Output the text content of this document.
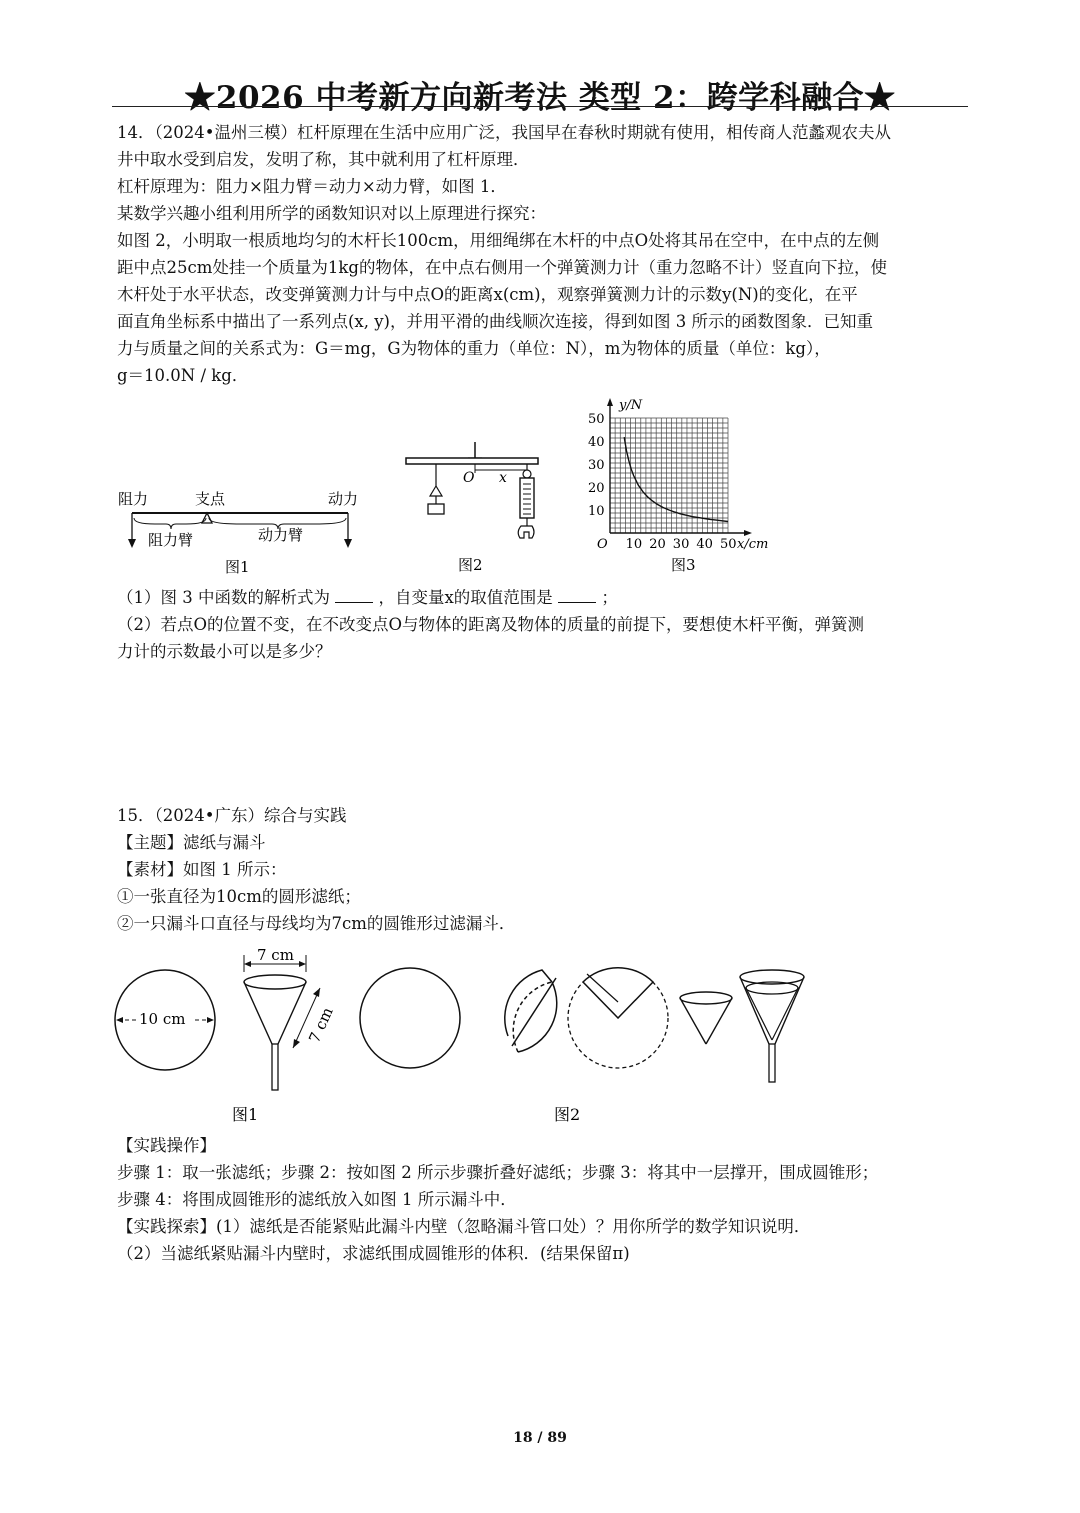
★2026 中考新方向新考法 类型 2：跨学科融合★
14．（2024•温州三模）杠杆原理在生活中应用广泛，我国早在春秋时期就有使用，相传商人范蠡观农夫从
井中取水受到启发，发明了称，其中就利用了杠杆原理．
杠杆原理为：阻力×阻力臂＝动力×动力臂，如图 1．
某数学兴趣小组利用所学的函数知识对以上原理进行探究：
如图 2，小明取一根质地均匀的木杆长100cm，用细绳绑在木杆的中点O处将其吊在空中，在中点的左侧
距中点25cm处挂一个质量为1kg的物体，在中点右侧用一个弹簧测力计（重力忽略不计）竖直向下拉，使
木杆处于水平状态，改变弹簧测力计与中点O的距离x(cm)，观察弹簧测力计的示数y(N)的变化，在平
面直角坐标系中描出了一系列点(x, y)，并用平滑的曲线顺次连接，得到如图 3 所示的函数图象．已知重
力与质量之间的关系式为：G＝mg，G为物体的重力（单位：N），m为物体的质量（单位：kg），
g＝10.0N / kg．
阻力	支点	动力
阻力臂	动力臂
图1
O x
图2
10 20 30 40 50
10
20
30
40
50
y/N
x/cm
O
图3
（1）图 3 中函数的解析式为	，自变量x的取值范围是	；
（2）若点O的位置不变，在不改变点O与物体的距离及物体的质量的前提下，要想使木杆平衡，弹簧测
力计的示数最小可以是多少？
15．（2024•广东）综合与实践
【主题】滤纸与漏斗
【素材】如图 1 所示：
①一张直径为10cm的圆形滤纸；
②一只漏斗口直径与母线均为7cm的圆锥形过滤漏斗．
10 cm
7 cm
7 cm
图1	图2
【实践操作】
步骤 1：取一张滤纸；步骤 2：按如图 2 所示步骤折叠好滤纸；步骤 3：将其中一层撑开，围成圆锥形；
步骤 4：将围成圆锥形的滤纸放入如图 1 所示漏斗中．
【实践探索】(1）滤纸是否能紧贴此漏斗内壁（忽略漏斗管口处）？用你所学的数学知识说明．
（2）当滤纸紧贴漏斗内壁时，求滤纸围成圆锥形的体积．(结果保留π)
18 / 89
